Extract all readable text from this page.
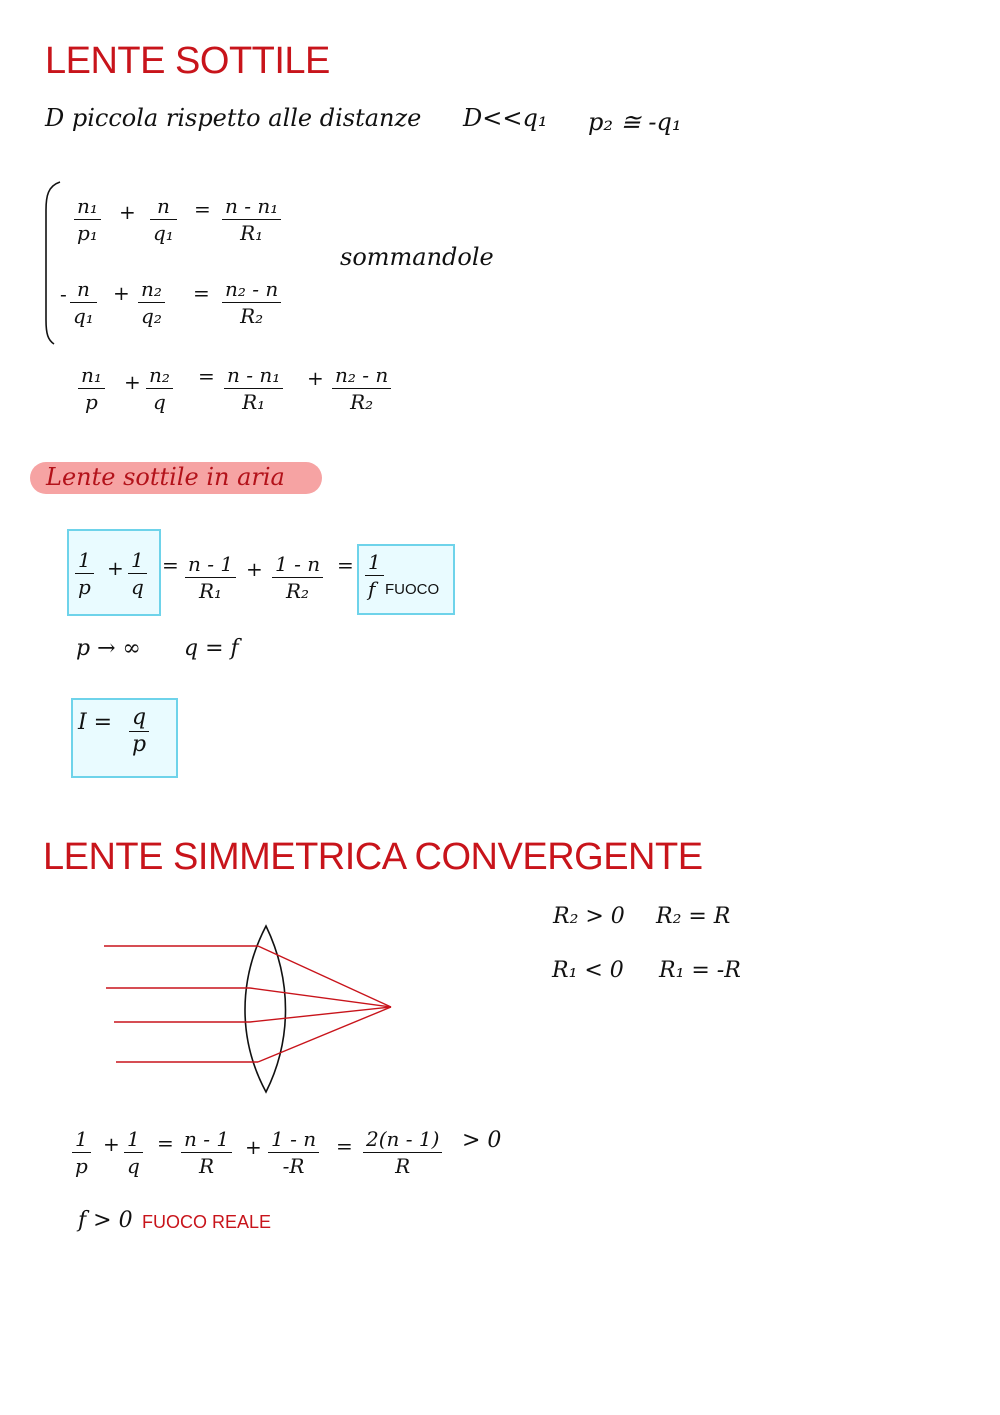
LENTE SOTTILE
D piccola rispetto alle distanze D<<q₁ p₂ ≅ -q₁
$\frac{\text{n₁}}{\text{p₁}} + \frac{n}{\text{q₁}} = \frac{\text{n - n₁}}{\text{R₁}}$
sommandole
- $\frac{n}{\text{q₁}} + \frac{\text{n₂}}{\text{q₂}} = \frac{\text{n₂ - n}}{\text{R₂}}$
$\frac{\text{n₁}}{p} + \frac{\text{n₂}}{q} = \frac{\text{n - n₁}}{\text{R₁}} + \frac{\text{n₂ - n}}{\text{R₂}}$
Lente sottile in aria
$\frac{1}{p} + \frac{1}{q} = \frac{n - 1}{\text{R₁}} + \frac{1 - n}{\text{R₂}} = \frac{1}{f}$ FUOCO
p → ∞ q = f
$I = \frac{q}{p}$
LENTE SIMMETRICA CONVERGENTE
R₂ > 0 R₂ = R
R₁ < 0 R₁ = -R
$\frac{1}{p} + \frac{1}{q} = \frac{n - 1}{R} + \frac{1 - n}{-R} = \frac{2(n - 1)}{R} > 0$
f > 0 FUOCO REALE
